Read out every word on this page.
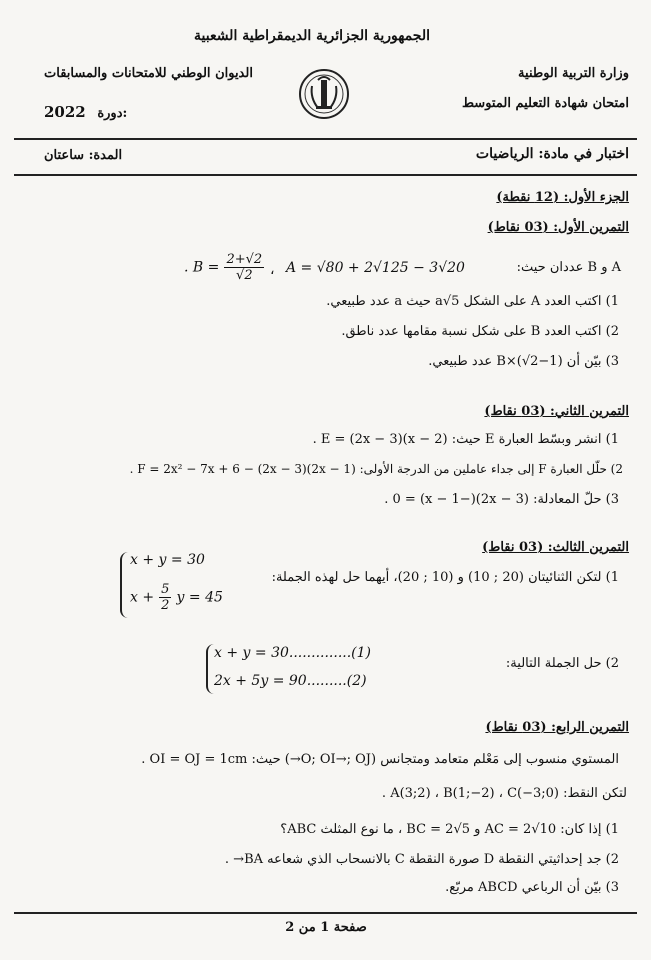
الجمهورية الجزائرية الديمقراطية الشعبية
وزارة التربية الوطنية
امتحان شهادة التعليم المتوسط
الديوان الوطني للامتحانات والمسابقات
2022 دورة:
اختبار في مادة: الرياضيات
المدة: ساعتان
الجزء الأول: (12 نقطة)
التمرين الأول: (03 نقاط)
A و B عددان حيث:
A = √80 + 2√125 − 3√20
،
. $B = \frac{2+√2}{√2}$
1) اكتب العدد A على الشكل a√5 حيث a عدد طبيعي.
2) اكتب العدد B على شكل نسبة مقامها عدد ناطق.
3) بيّن أن B×(√2−1) عدد طبيعي.
التمرين الثاني: (03 نقاط)
1) انشر وبسّط العبارة E حيث: E = (2x − 3)(x − 2) .
2) حلّل العبارة F إلى جداء عاملين من الدرجة الأولى: F = 2x² − 7x + 6 − (2x − 3)(2x − 1) .
3) حلّ المعادلة: (2x − 3)(−x − 1) = 0 .
التمرين الثالث: (03 نقاط)
1) لتكن الثنائيتان (20 ; 10) و (10 ; 20)، أيهما حل لهذه الجملة:
x + y = 30
$x + \frac{5}{2}$ y = 45
2) حل الجملة التالية:
x + y = 30..............(1)
2x + 5y = 90.........(2)
التمرين الرابع: (03 نقاط)
المستوي منسوب إلى مَعْلم متعامد ومتجانس (O; OI→; OJ→) حيث: OI = OJ = 1cm .
لتكن النقط: A(3;2) ، B(1;−2) ، C(−3;0) .
1) إذا كان: AC = 2√10 و BC = 2√5 ، ما نوع المثلث ABC؟
2) جد إحداثيتي النقطة D صورة النقطة C بالانسحاب الذي شعاعه BA→ .
3) بيّن أن الرباعي ABCD مربّع.
صفحة 1 من 2
